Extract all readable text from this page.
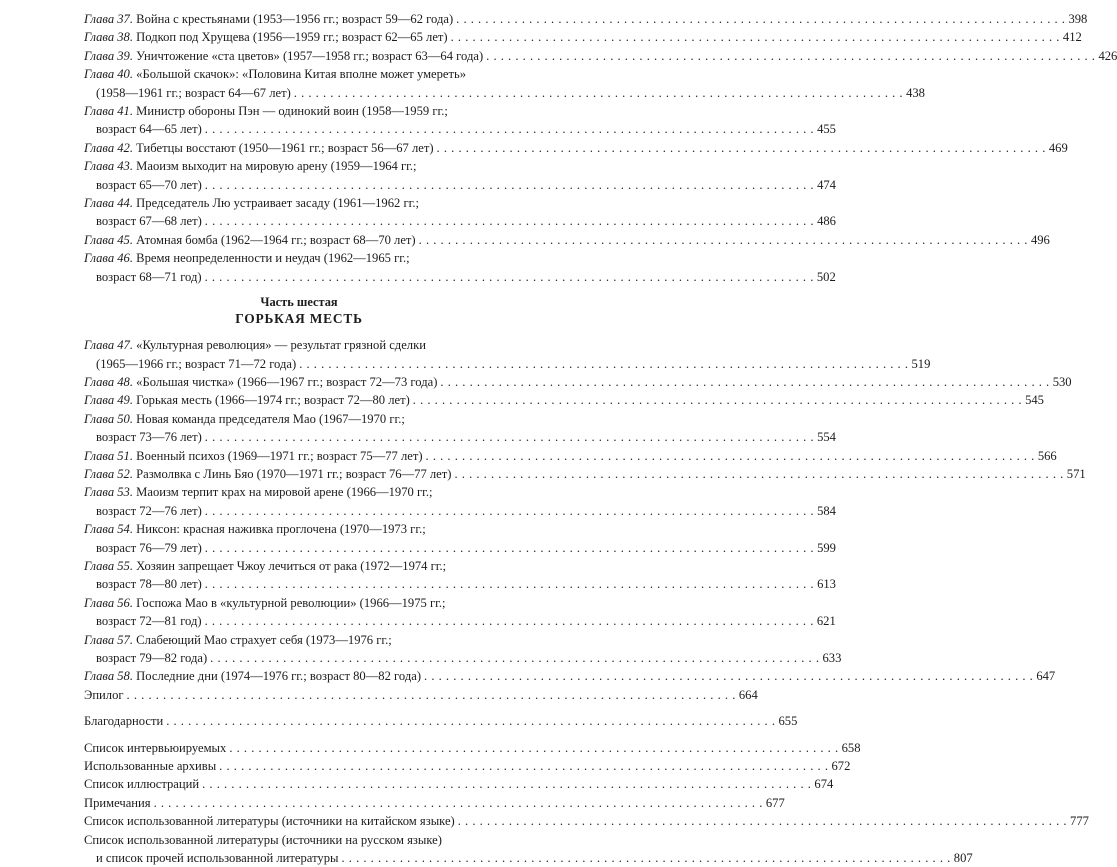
Глава 37. Война с крестьянами (1953—1956 гг.; возраст 59—62 года) . . .	398
Глава 38. Подкоп под Хрущева (1956—1959 гг.; возраст 62—65 лет) . . .	412
Глава 39. Уничтожение «ста цветов» (1957—1958 гг.; возраст 63—64 года) . . .	426
Глава 40. «Большой скачок»: «Половина Китая вполне может умереть»
(1958—1961 гг.; возраст 64—67 лет) . . .	438
Глава 41. Министр обороны Пэн — одинокий воин (1958—1959 гг.;
возраст 64—65 лет) . . .	455
Глава 42. Тибетцы восстают (1950—1961 гг.; возраст 56—67 лет) . . .	469
Глава 43. Маоизм выходит на мировую арену (1959—1964 гг.;
возраст 65—70 лет) . . .	474
Глава 44. Председатель Лю устраивает засаду (1961—1962 гг.;
возраст 67—68 лет) . . .	486
Глава 45. Атомная бомба (1962—1964 гг.; возраст 68—70 лет) . . .	496
Глава 46. Время неопределенности и неудач (1962—1965 гг.;
возраст 68—71 год) . . .	502
Часть шестая
ГОРЬКАЯ МЕСТЬ
Глава 47. «Культурная революция» — результат грязной сделки
(1965—1966 гг.; возраст 71—72 года) . . .	519
Глава 48. «Большая чистка» (1966—1967 гг.; возраст 72—73 года) . . .	530
Глава 49. Горькая месть (1966—1974 гг.; возраст 72—80 лет) . . .	545
Глава 50. Новая команда председателя Мао (1967—1970 гг.;
возраст 73—76 лет) . . .	554
Глава 51. Военный психоз (1969—1971 гг.; возраст 75—77 лет) . . .	566
Глава 52. Размолвка с Линь Бяо (1970—1971 гг.; возраст 76—77 лет) . . .	571
Глава 53. Маоизм терпит крах на мировой арене (1966—1970 гг.;
возраст 72—76 лет) . . .	584
Глава 54. Никсон: красная наживка проглочена (1970—1973 гг.;
возраст 76—79 лет) . . .	599
Глава 55. Хозяин запрещает Чжоу лечиться от рака (1972—1974 гг.;
возраст 78—80 лет) . . .	613
Глава 56. Госпожа Мао в «культурной революции» (1966—1975 гг.;
возраст 72—81 год) . . .	621
Глава 57. Слабеющий Мао страхует себя (1973—1976 гг.;
возраст 79—82 года) . . .	633
Глава 58. Последние дни (1974—1976 гг.; возраст 80—82 года) . . .	647
Эпилог . . .	664
Благодарности . . .	655
Список интервьюируемых . . .	658
Использованные архивы . . .	672
Список иллюстраций . . .	674
Примечания . . .	677
Список использованной литературы (источники на китайском языке) . . .	777
Список использованной литературы (источники на русском языке)
и список прочей использованной литературы . . .	807
